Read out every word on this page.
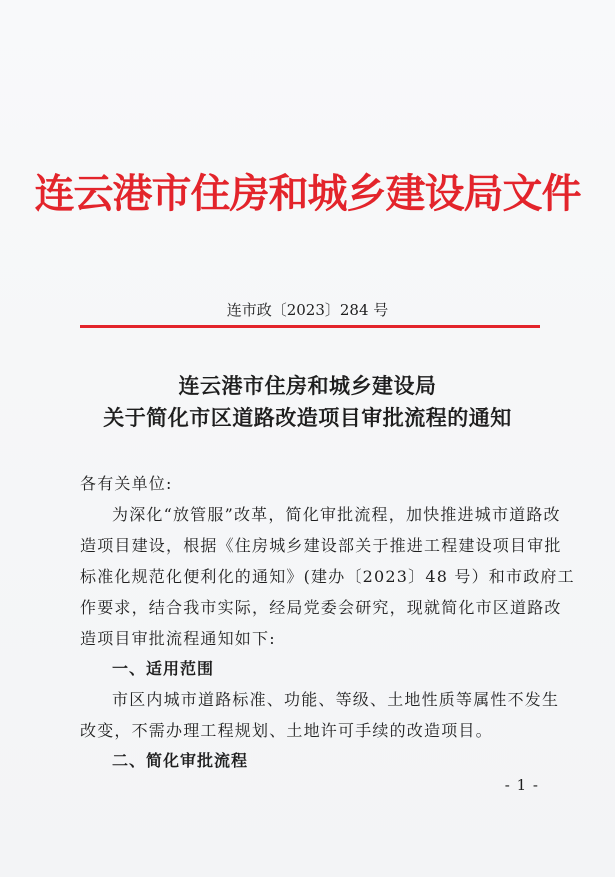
连云港市住房和城乡建设局文件
连市政〔2023〕284 号
连云港市住房和城乡建设局
关于简化市区道路改造项目审批流程的通知
各有关单位:
为深化“放管服”改革，简化审批流程，加快推进城市道路改
造项目建设，根据《住房城乡建设部关于推进工程建设项目审批
标准化规范化便利化的通知》(建办〔2023〕48 号）和市政府工
作要求，结合我市实际，经局党委会研究，现就简化市区道路改
造项目审批流程通知如下:
一、适用范围
市区内城市道路标准、功能、等级、土地性质等属性不发生
改变，不需办理工程规划、土地许可手续的改造项目。
二、简化审批流程
- 1 -
